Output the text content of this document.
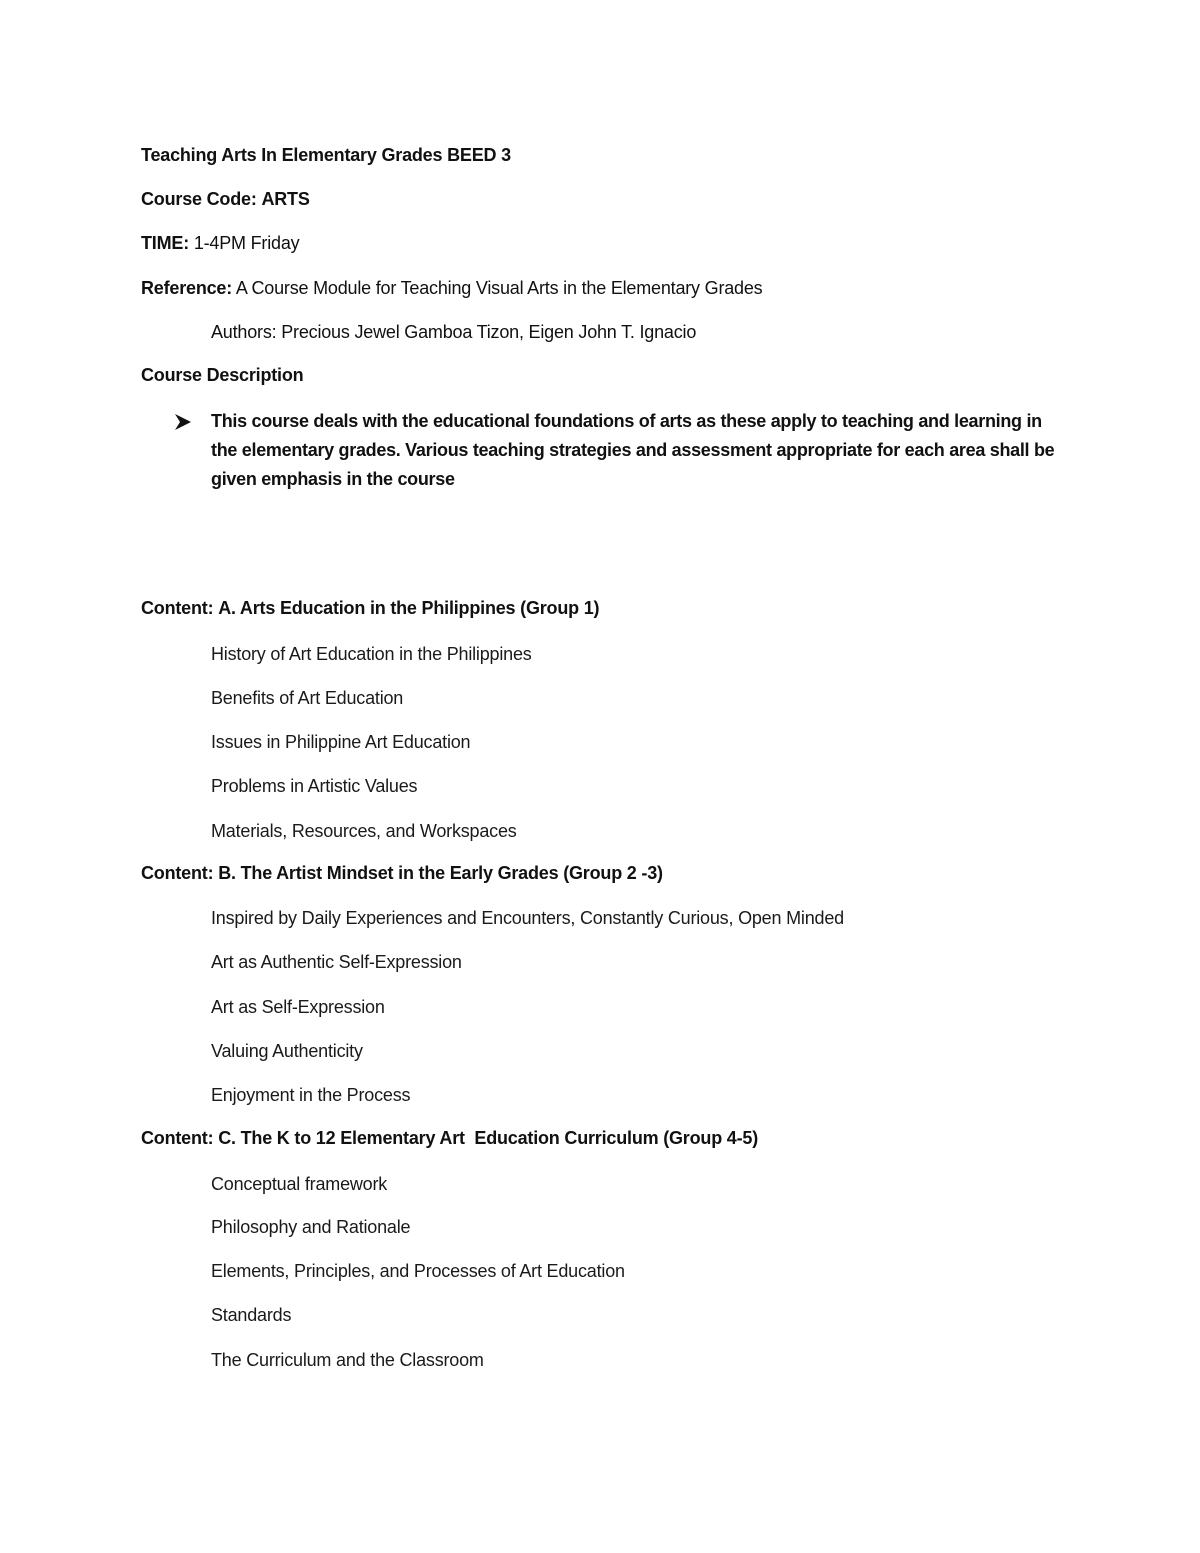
Teaching Arts In Elementary Grades BEED 3
Course Code: ARTS
TIME: 1-4PM Friday
Reference: A Course Module for Teaching Visual Arts in the Elementary Grades
Authors: Precious Jewel Gamboa Tizon, Eigen John T. Ignacio
Course Description
This course deals with the educational foundations of arts as these apply to teaching and learning in the elementary grades. Various teaching strategies and assessment appropriate for each area shall be given emphasis in the course
Content: A. Arts Education in the Philippines (Group 1)
History of Art Education in the Philippines
Benefits of Art Education
Issues in Philippine Art Education
Problems in Artistic Values
Materials, Resources, and Workspaces
Content: B. The Artist Mindset in the Early Grades (Group 2 -3)
Inspired by Daily Experiences and Encounters, Constantly Curious, Open Minded
Art as Authentic Self-Expression
Art as Self-Expression
Valuing Authenticity
Enjoyment in the Process
Content: C. The K to 12 Elementary Art  Education Curriculum (Group 4-5)
Conceptual framework
Philosophy and Rationale
Elements, Principles, and Processes of Art Education
Standards
The Curriculum and the Classroom
